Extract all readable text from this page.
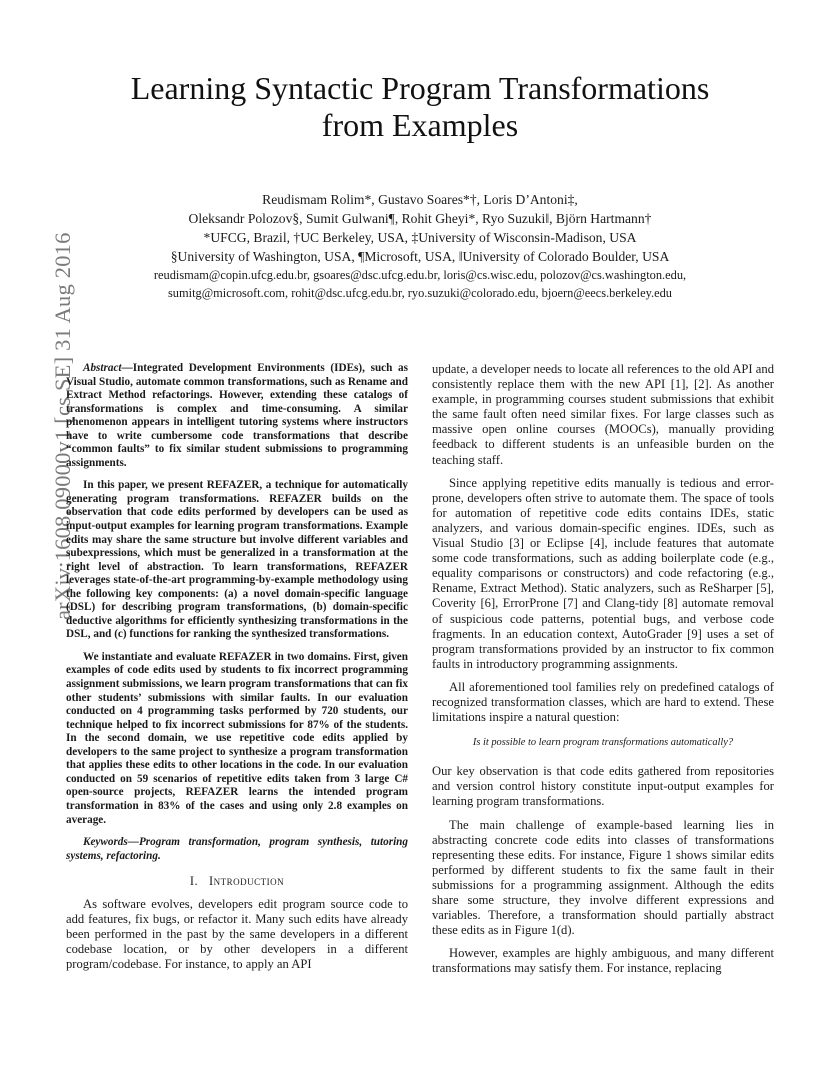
arXiv:1608.09000v1 [cs.SE] 31 Aug 2016
Learning Syntactic Program Transformations
from Examples
Reudismam Rolim*, Gustavo Soares*†, Loris D’Antoni‡,
Oleksandr Polozov§, Sumit Gulwani¶, Rohit Gheyi*, Ryo Suzuki‖, Björn Hartmann†
*UFCG, Brazil, †UC Berkeley, USA, ‡University of Wisconsin-Madison, USA
§University of Washington, USA, ¶Microsoft, USA, ‖University of Colorado Boulder, USA
reudismam@copin.ufcg.edu.br, gsoares@dsc.ufcg.edu.br, loris@cs.wisc.edu, polozov@cs.washington.edu,
sumitg@microsoft.com, rohit@dsc.ufcg.edu.br, ryo.suzuki@colorado.edu, bjoern@eecs.berkeley.edu

Abstract—Integrated Development Environments (IDEs), such as Visual Studio, automate common transformations, such as Rename and Extract Method refactorings. However, extending these catalogs of transformations is complex and time-consuming. A similar phenomenon appears in intelligent tutoring systems where instructors have to write cumbersome code transformations that describe “common faults” to fix similar student submissions to programming assignments.

In this paper, we present REFAZER, a technique for automatically generating program transformations. REFAZER builds on the observation that code edits performed by developers can be used as input-output examples for learning program transformations. Example edits may share the same structure but involve different variables and subexpressions, which must be generalized in a transformation at the right level of abstraction. To learn transformations, REFAZER leverages state-of-the-art programming-by-example methodology using the following key components: (a) a novel domain-specific language (DSL) for describing program transformations, (b) domain-specific deductive algorithms for efficiently synthesizing transformations in the DSL, and (c) functions for ranking the synthesized transformations.

We instantiate and evaluate REFAZER in two domains. First, given examples of code edits used by students to fix incorrect programming assignment submissions, we learn program transformations that can fix other students’ submissions with similar faults. In our evaluation conducted on 4 programming tasks performed by 720 students, our technique helped to fix incorrect submissions for 87% of the students. In the second domain, we use repetitive code edits applied by developers to the same project to synthesize a program transformation that applies these edits to other locations in the code. In our evaluation conducted on 59 scenarios of repetitive edits taken from 3 large C# open-source projects, REFAZER learns the intended program transformation in 83% of the cases and using only 2.8 examples on average.

Keywords—Program transformation, program synthesis, tutoring systems, refactoring.

I. Introduction

As software evolves, developers edit program source code to add features, fix bugs, or refactor it. Many such edits have already been performed in the past by the same developers in a different codebase location, or by other developers in a different program/codebase. For instance, to apply an API

update, a developer needs to locate all references to the old API and consistently replace them with the new API [1], [2]. As another example, in programming courses student submissions that exhibit the same fault often need similar fixes. For large classes such as massive open online courses (MOOCs), manually providing feedback to different students is an unfeasible burden on the teaching staff.

Since applying repetitive edits manually is tedious and error-prone, developers often strive to automate them. The space of tools for automation of repetitive code edits contains IDEs, static analyzers, and various domain-specific engines. IDEs, such as Visual Studio [3] or Eclipse [4], include features that automate some code transformations, such as adding boilerplate code (e.g., equality comparisons or constructors) and code refactoring (e.g., Rename, Extract Method). Static analyzers, such as ReSharper [5], Coverity [6], ErrorProne [7] and Clang-tidy [8] automate removal of suspicious code patterns, potential bugs, and verbose code fragments. In an education context, AutoGrader [9] uses a set of program transformations provided by an instructor to fix common faults in introductory programming assignments.

All aforementioned tool families rely on predefined catalogs of recognized transformation classes, which are hard to extend. These limitations inspire a natural question:

Is it possible to learn program transformations automatically?

Our key observation is that code edits gathered from repositories and version control history constitute input-output examples for learning program transformations.

The main challenge of example-based learning lies in abstracting concrete code edits into classes of transformations representing these edits. For instance, Figure 1 shows similar edits performed by different students to fix the same fault in their submissions for a programming assignment. Although the edits share some structure, they involve different expressions and variables. Therefore, a transformation should partially abstract these edits as in Figure 1(d).

However, examples are highly ambiguous, and many different transformations may satisfy them. For instance, replacing
